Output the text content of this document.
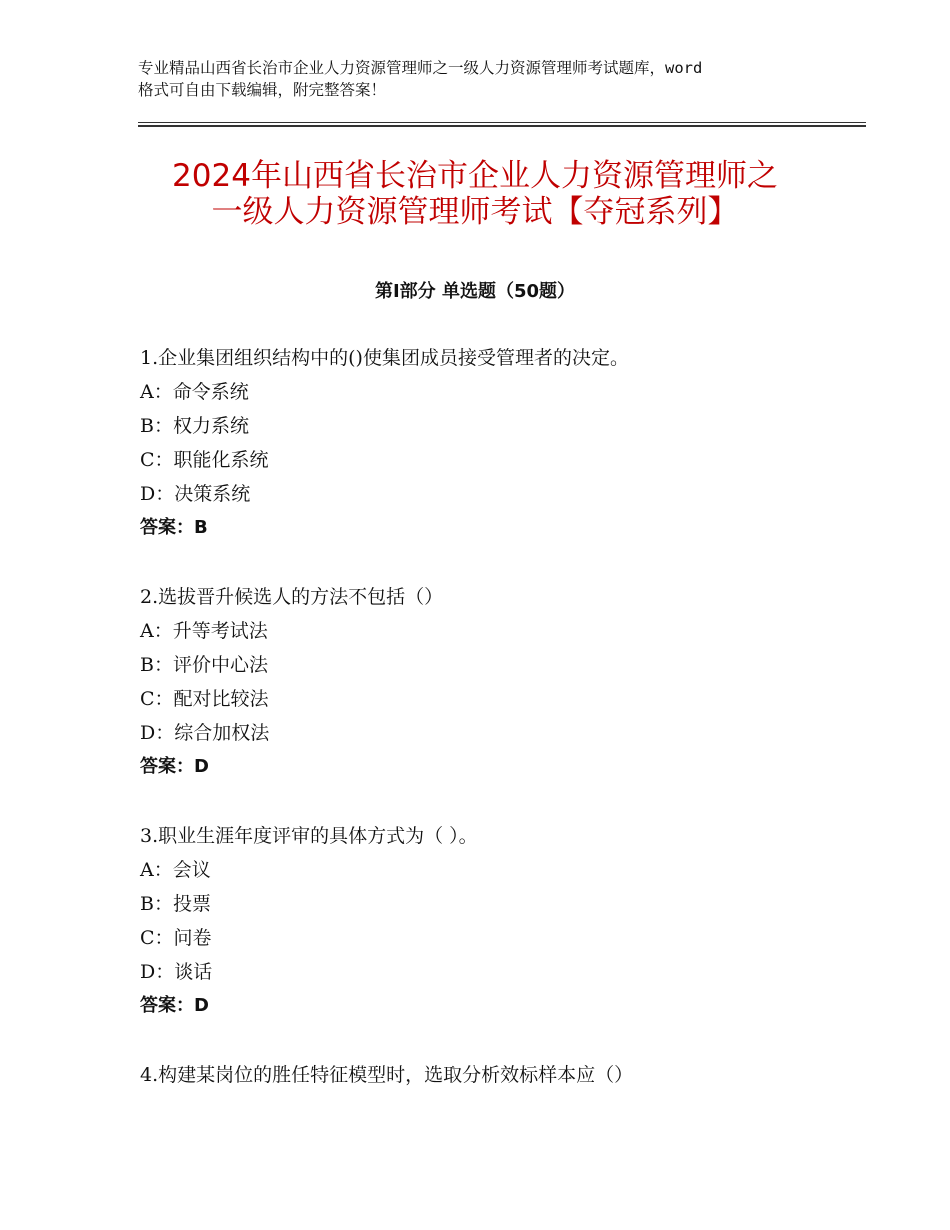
专业精品山西省长治市企业人力资源管理师之一级人力资源管理师考试题库，word
格式可自由下载编辑，附完整答案！
2024年山西省长治市企业人力资源管理师之
一级人力资源管理师考试【夺冠系列】
第Ⅰ部分 单选题（50题）
1.企业集团组织结构中的()使集团成员接受管理者的决定。
A：命令系统
B：权力系统
C：职能化系统
D：决策系统
答案：B
2.选拔晋升候选人的方法不包括（）
A：升等考试法
B：评价中心法
C：配对比较法
D：综合加权法
答案：D
3.职业生涯年度评审的具体方式为（ ）。
A：会议
B：投票
C：问卷
D：谈话
答案：D
4.构建某岗位的胜任特征模型时，选取分析效标样本应（）
